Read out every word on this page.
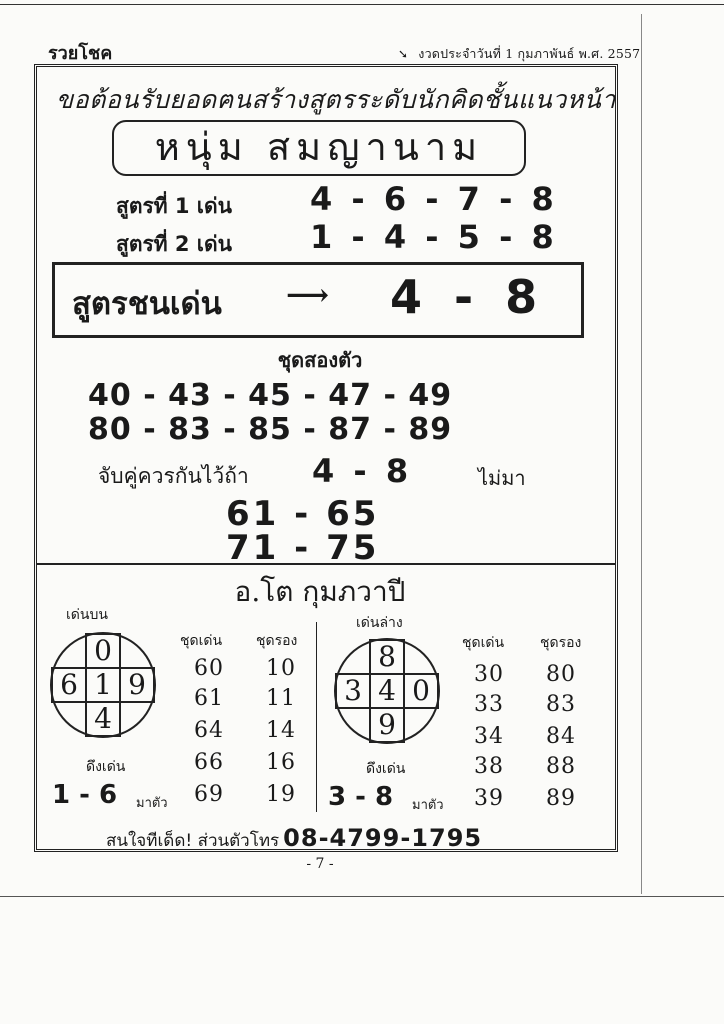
รวยโชค	➘ งวดประจำวันที่ 1 กุมภาพันธ์ พ.ศ. 2557
ขอต้อนรับยอดฅนสร้างสูตรระดับนักคิดชั้นแนวหน้า
หนุ่ม สมญานาม
สูตรที่ 1 เด่น 4 - 6 - 7 - 8
สูตรที่ 2 เด่น 1 - 4 - 5 - 8
สูตรชนเด่น ⟶ 4 - 8
ชุดสองตัว
40 - 43 - 45 - 47 - 49
80 - 83 - 85 - 87 - 89
จับคู่ควรกันไว้ถ้า 4 - 8	ไม่มา
61 - 65
71 - 75
อ.โต กุมภวาปี
เด่นบน
0
6 1 9
4
ชุดเด่น ชุดรอง
60 10
61 11
64 14
66 16
69 19
ดึงเด่น
1 - 6 มาตัว
เด่นล่าง
8
3 4 0
9
ชุดเด่น	ชุดรอง
30 80
33 83
34 84
38 88
39 89
ดึงเด่น
3 - 8 มาตัว
สนใจทีเด็ด! ส่วนตัวโทร 08-4799-1795
- 7 -
